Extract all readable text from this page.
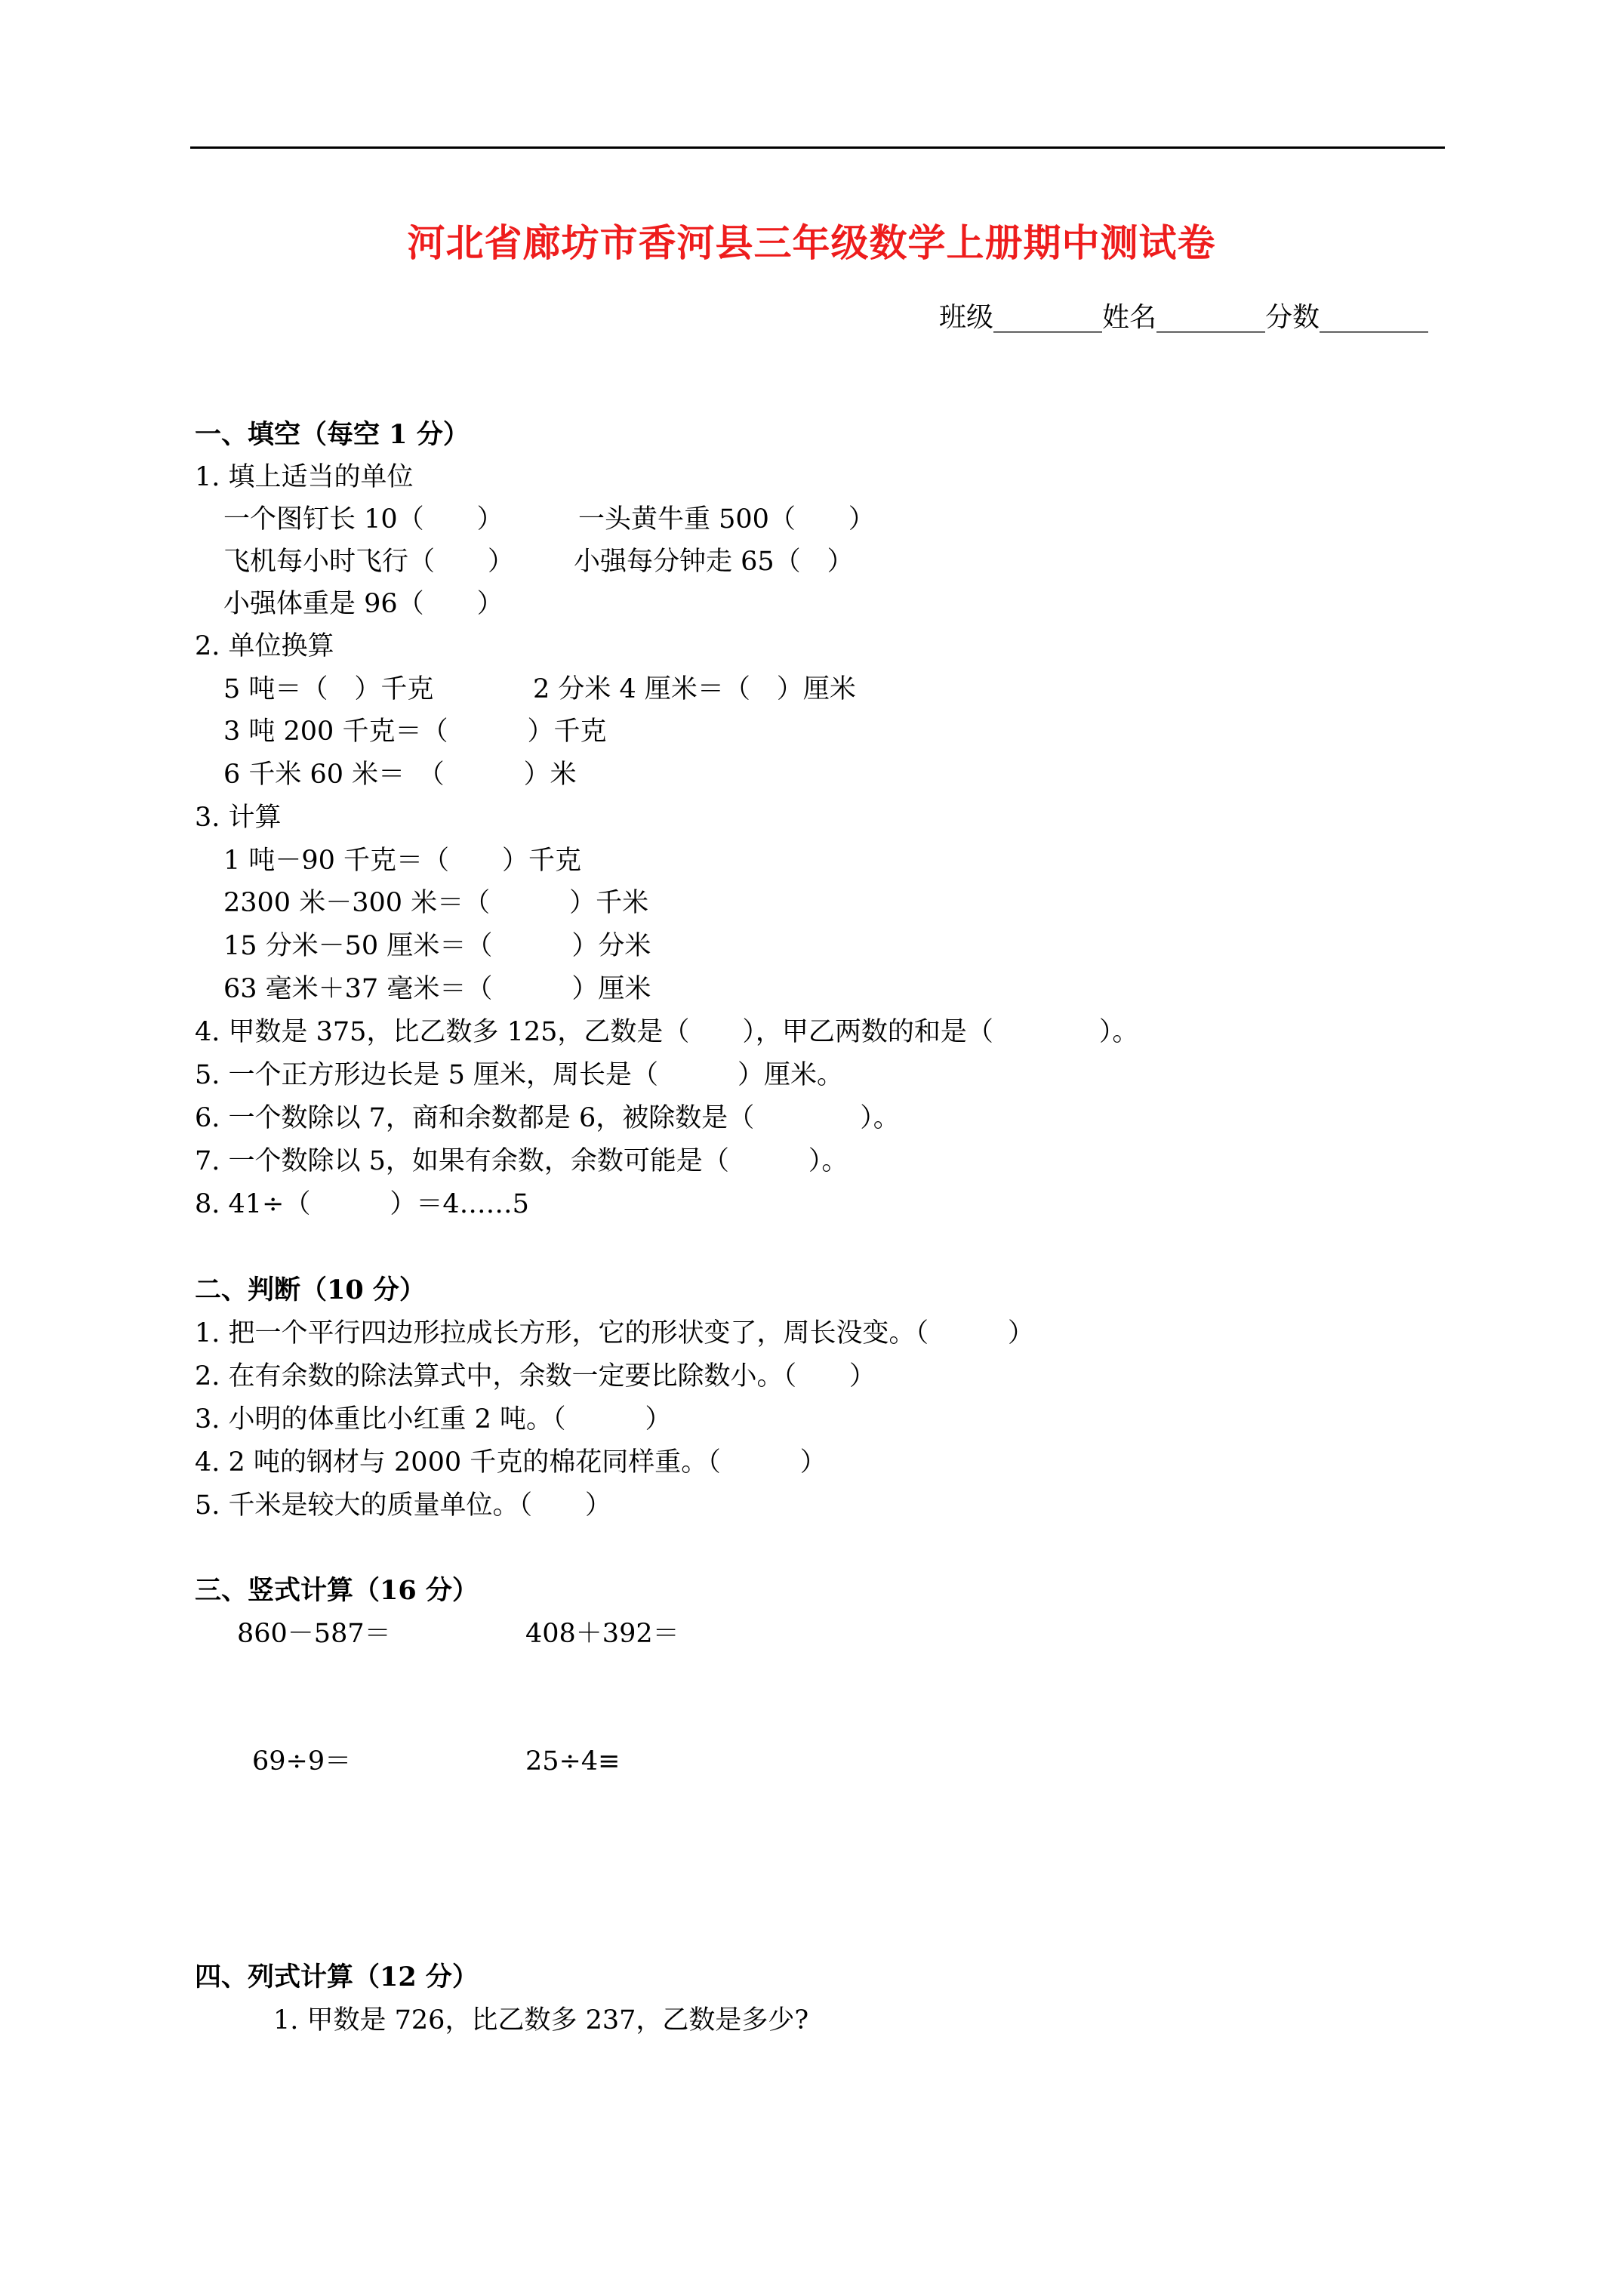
河北省廊坊市香河县三年级数学上册期中测试卷
班级________姓名________分数________
一、填空（每空 1 分）
1. 填上适当的单位
一个图钉长 10（　　）	一头黄牛重 500（　　）
飞机每小时飞行（　　） 小强每分钟走 65（　）
小强体重是 96（　　）
2. 单位换算
5 吨＝（　）千克	2 分米 4 厘米＝（　）厘米
3 吨 200 千克＝（　　　）千克
6 千米 60 米＝　（　　　）米
3. 计算
1 吨－90 千克＝（　　）千克
2300 米－300 米＝（　　　）千米
15 分米－50 厘米＝（　　　）分米
63 毫米＋37 毫米＝（　　　）厘米
4. 甲数是 375，比乙数多 125，乙数是（　　），甲乙两数的和是（　　　　）。
5. 一个正方形边长是 5 厘米，周长是（　　　）厘米。
6. 一个数除以 7，商和余数都是 6，被除数是（　　　　）。
7. 一个数除以 5，如果有余数，余数可能是（　　　）。
8. 41÷（　　　）＝4……5
二、判断（10 分）
1. 把一个平行四边形拉成长方形，它的形状变了，周长没变。（　　　）
2. 在有余数的除法算式中，余数一定要比除数小。（　　）
3. 小明的体重比小红重 2 吨。（　　　）
4. 2 吨的钢材与 2000 千克的棉花同样重。（　　　）
5. 千米是较大的质量单位。（　　）
三、竖式计算（16 分）
860－587＝	408＋392＝
69÷9＝	25÷4≡
四、列式计算（12 分）
1. 甲数是 726，比乙数多 237，乙数是多少?
